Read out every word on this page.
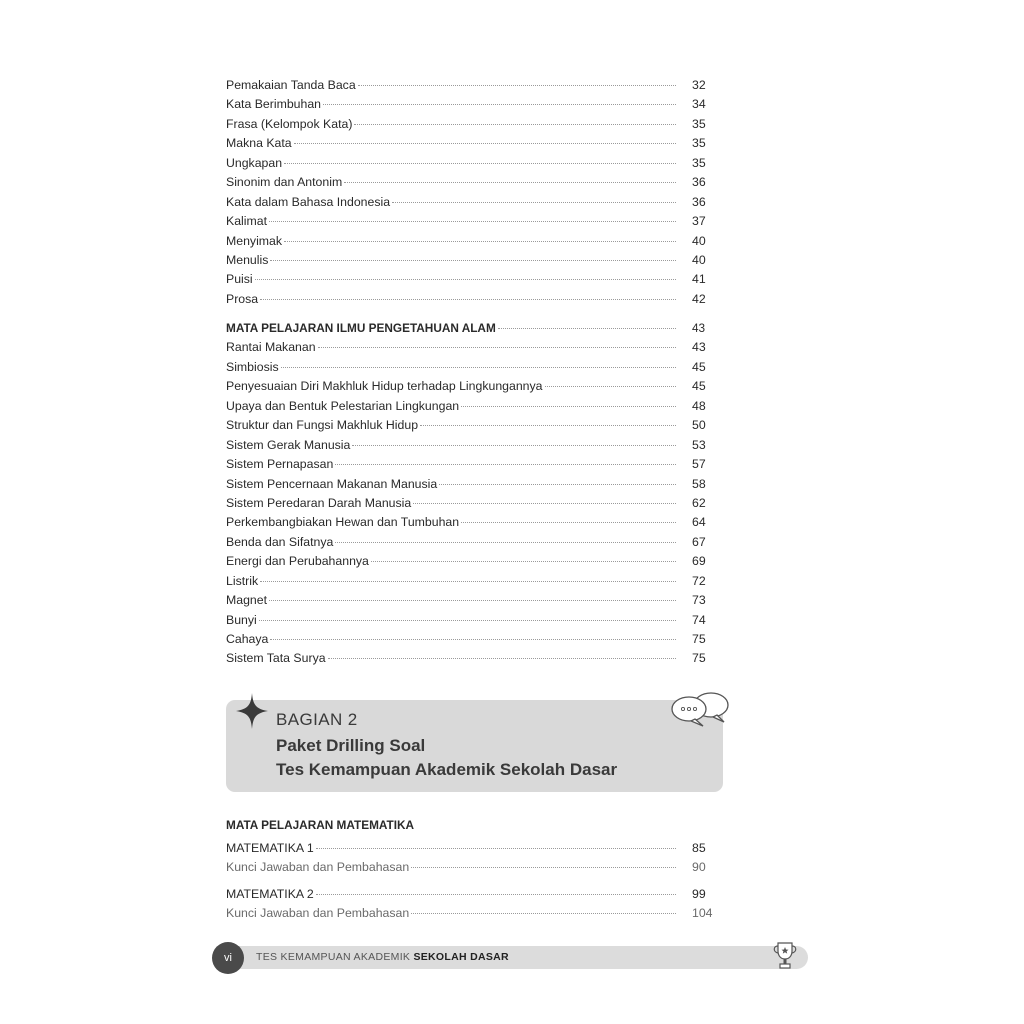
Pemakaian Tanda Baca	32
Kata Berimbuhan	34
Frasa (Kelompok Kata)	35
Makna Kata	35
Ungkapan	35
Sinonim dan Antonim	36
Kata dalam Bahasa Indonesia	36
Kalimat	37
Menyimak	40
Menulis	40
Puisi	41
Prosa	42
MATA PELAJARAN ILMU PENGETAHUAN ALAM	43
Rantai Makanan	43
Simbiosis	45
Penyesuaian Diri Makhluk Hidup terhadap Lingkungannya	45
Upaya dan Bentuk Pelestarian Lingkungan	48
Struktur dan Fungsi Makhluk Hidup	50
Sistem Gerak Manusia	53
Sistem Pernapasan	57
Sistem Pencernaan Makanan Manusia	58
Sistem Peredaran Darah Manusia	62
Perkembangbiakan Hewan dan Tumbuhan	64
Benda dan Sifatnya	67
Energi dan Perubahannya	69
Listrik	72
Magnet	73
Bunyi	74
Cahaya	75
Sistem Tata Surya	75
BAGIAN 2
Paket Drilling Soal
Tes Kemampuan Akademik Sekolah Dasar
MATA PELAJARAN MATEMATIKA
MATEMATIKA 1	85
Kunci Jawaban dan Pembahasan	90
MATEMATIKA 2	99
Kunci Jawaban dan Pembahasan	104
TES KEMAMPUAN AKADEMIK SEKOLAH DASAR
vi
